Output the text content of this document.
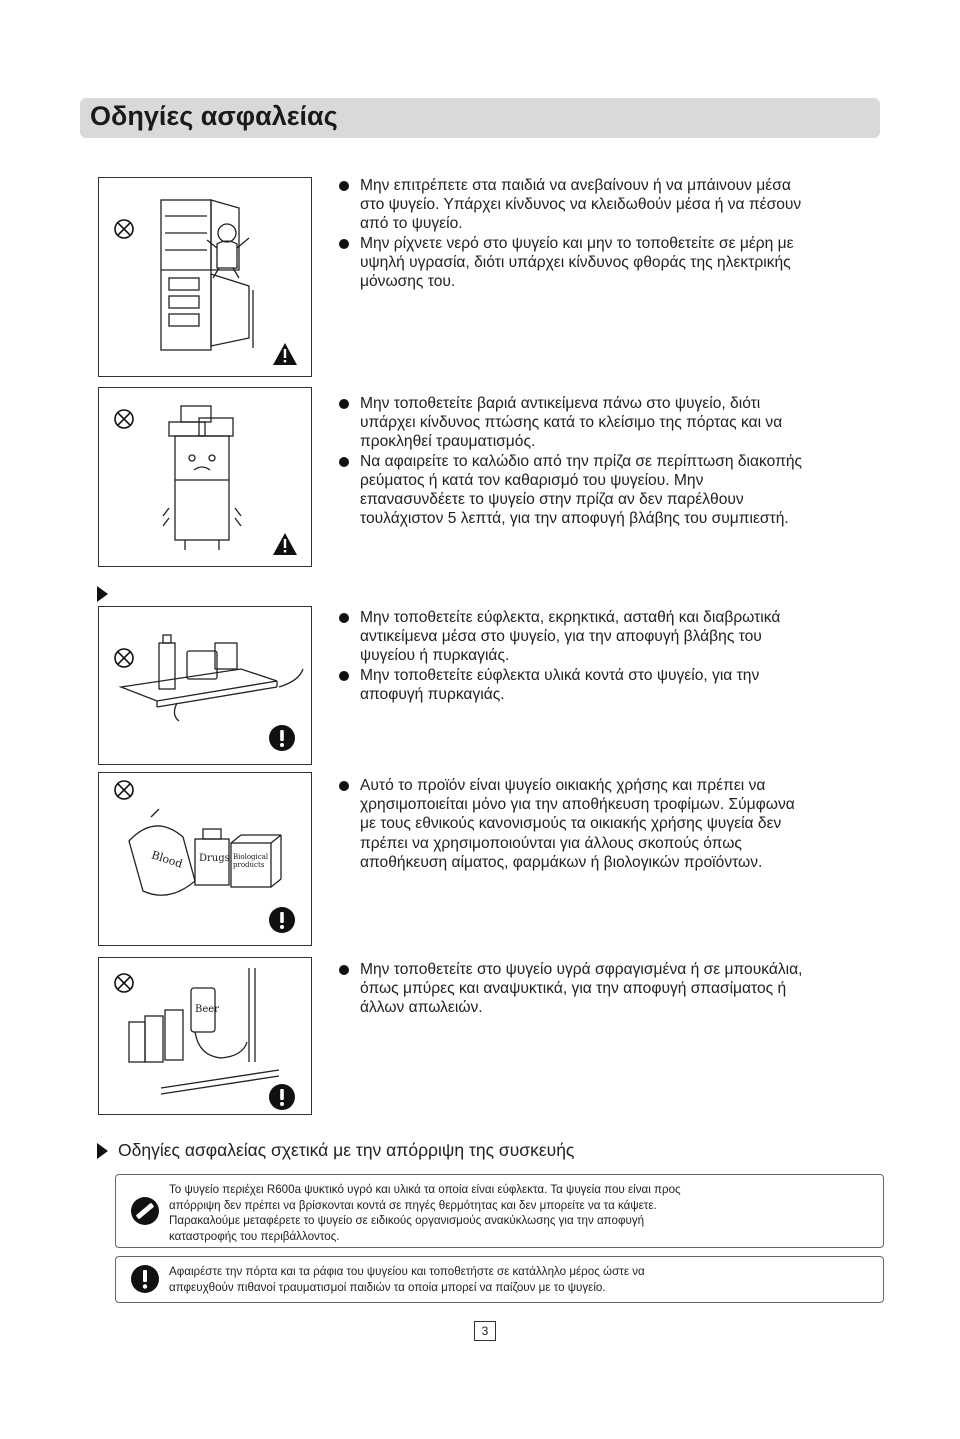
Οδηγίες ασφαλείας
Μην επιτρέπετε στα παιδιά να ανεβαίνουν ή να μπάινουν μέσα
στο ψυγείο. Υπάρχει κίνδυνος να κλειδωθούν μέσα ή να πέσουν
από το ψυγείο.
Μην ρίχνετε νερό στο ψυγείο και μην το τοποθετείτε σε μέρη με
υψηλή υγρασία, διότι υπάρχει κίνδυνος φθοράς της ηλεκτρικής
μόνωσης του.
Μην τοποθετείτε βαριά αντικείμενα πάνω στο ψυγείο, διότι
υπάρχει κίνδυνος πτώσης κατά το κλείσιμο της πόρτας και να
προκληθεί τραυματισμός.
Να αφαιρείτε το καλώδιο από την πρίζα σε περίπτωση διακοπής
ρεύματος ή κατά τον καθαρισμό του ψυγείου. Μην
επανασυνδέετε το ψυγείο στην πρίζα αν δεν παρέλθουν
τουλάχιστον 5 λεπτά, για την αποφυγή βλάβης του συμπιεστή.
Μην τοποθετείτε εύφλεκτα, εκρηκτικά, ασταθή και διαβρωτικά
αντικείμενα μέσα στο ψυγείο, για την αποφυγή βλάβης του
ψυγείου ή πυρκαγιάς.
Μην τοποθετείτε εύφλεκτα υλικά κοντά στο ψυγείο, για την
αποφυγή πυρκαγιάς.
Blood Drugs Biological products
Αυτό το προϊόν είναι ψυγείο οικιακής χρήσης και πρέπει να
χρησιμοποιείται μόνο για την αποθήκευση τροφίμων. Σύμφωνα
με τους εθνικούς κανονισμούς τα οικιακής χρήσης ψυγεία δεν
πρέπει να χρησιμοποιούνται για άλλους σκοπούς όπως
αποθήκευση αίματος, φαρμάκων ή βιολογικών προϊόντων.
Beer
Μην τοποθετείτε στο ψυγείο υγρά σφραγισμένα ή σε μπουκάλια,
όπως μπύρες και αναψυκτικά, για την αποφυγή σπασίματος ή
άλλων απωλειών.
Οδηγίες ασφαλείας σχετικά με την απόρριψη της συσκευής
Το ψυγείο περιέχει R600a ψυκτικό υγρό και υλικά τα οποία είναι εύφλεκτα. Τα ψυγεία που είναι προς
απόρριψη δεν πρέπει να βρίσκονται κοντά σε πηγές θερμότητας και δεν μπορείτε να τα κάψετε.
Παρακαλούμε μεταφέρετε το ψυγείο σε ειδικούς οργανισμούς ανακύκλωσης για την αποφυγή
καταστροφής του περιβάλλοντος.
Αφαιρέστε την πόρτα και τα ράφια του ψυγείου και τοποθετήστε σε κατάλληλο μέρος ώστε να
απφευχθούν πιθανοί τραυματισμοί παιδιών τα οποία μπορεί να παίζουν με το ψυγείο.
3
